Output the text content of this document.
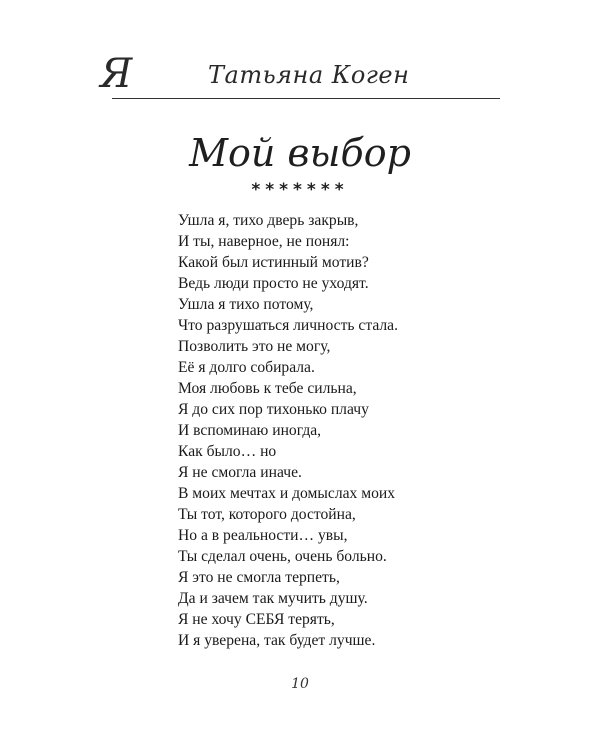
Я	Татьяна Коген
Мой выбор
*******
Ушла я, тихо дверь закрыв,
И ты, наверное, не понял:
Какой был истинный мотив?
Ведь люди просто не уходят.
Ушла я тихо потому,
Что разрушаться личность стала.
Позволить это не могу,
Её я долго собирала.
Моя любовь к тебе сильна,
Я до сих пор тихонько плачу
И вспоминаю иногда,
Как было… но
Я не смогла иначе.
В моих мечтах и домыслах моих
Ты тот, которого достойна,
Но а в реальности… увы,
Ты сделал очень, очень больно.
Я это не смогла терпеть,
Да и зачем так мучить душу.
Я не хочу СЕБЯ терять,
И я уверена, так будет лучше.
10
